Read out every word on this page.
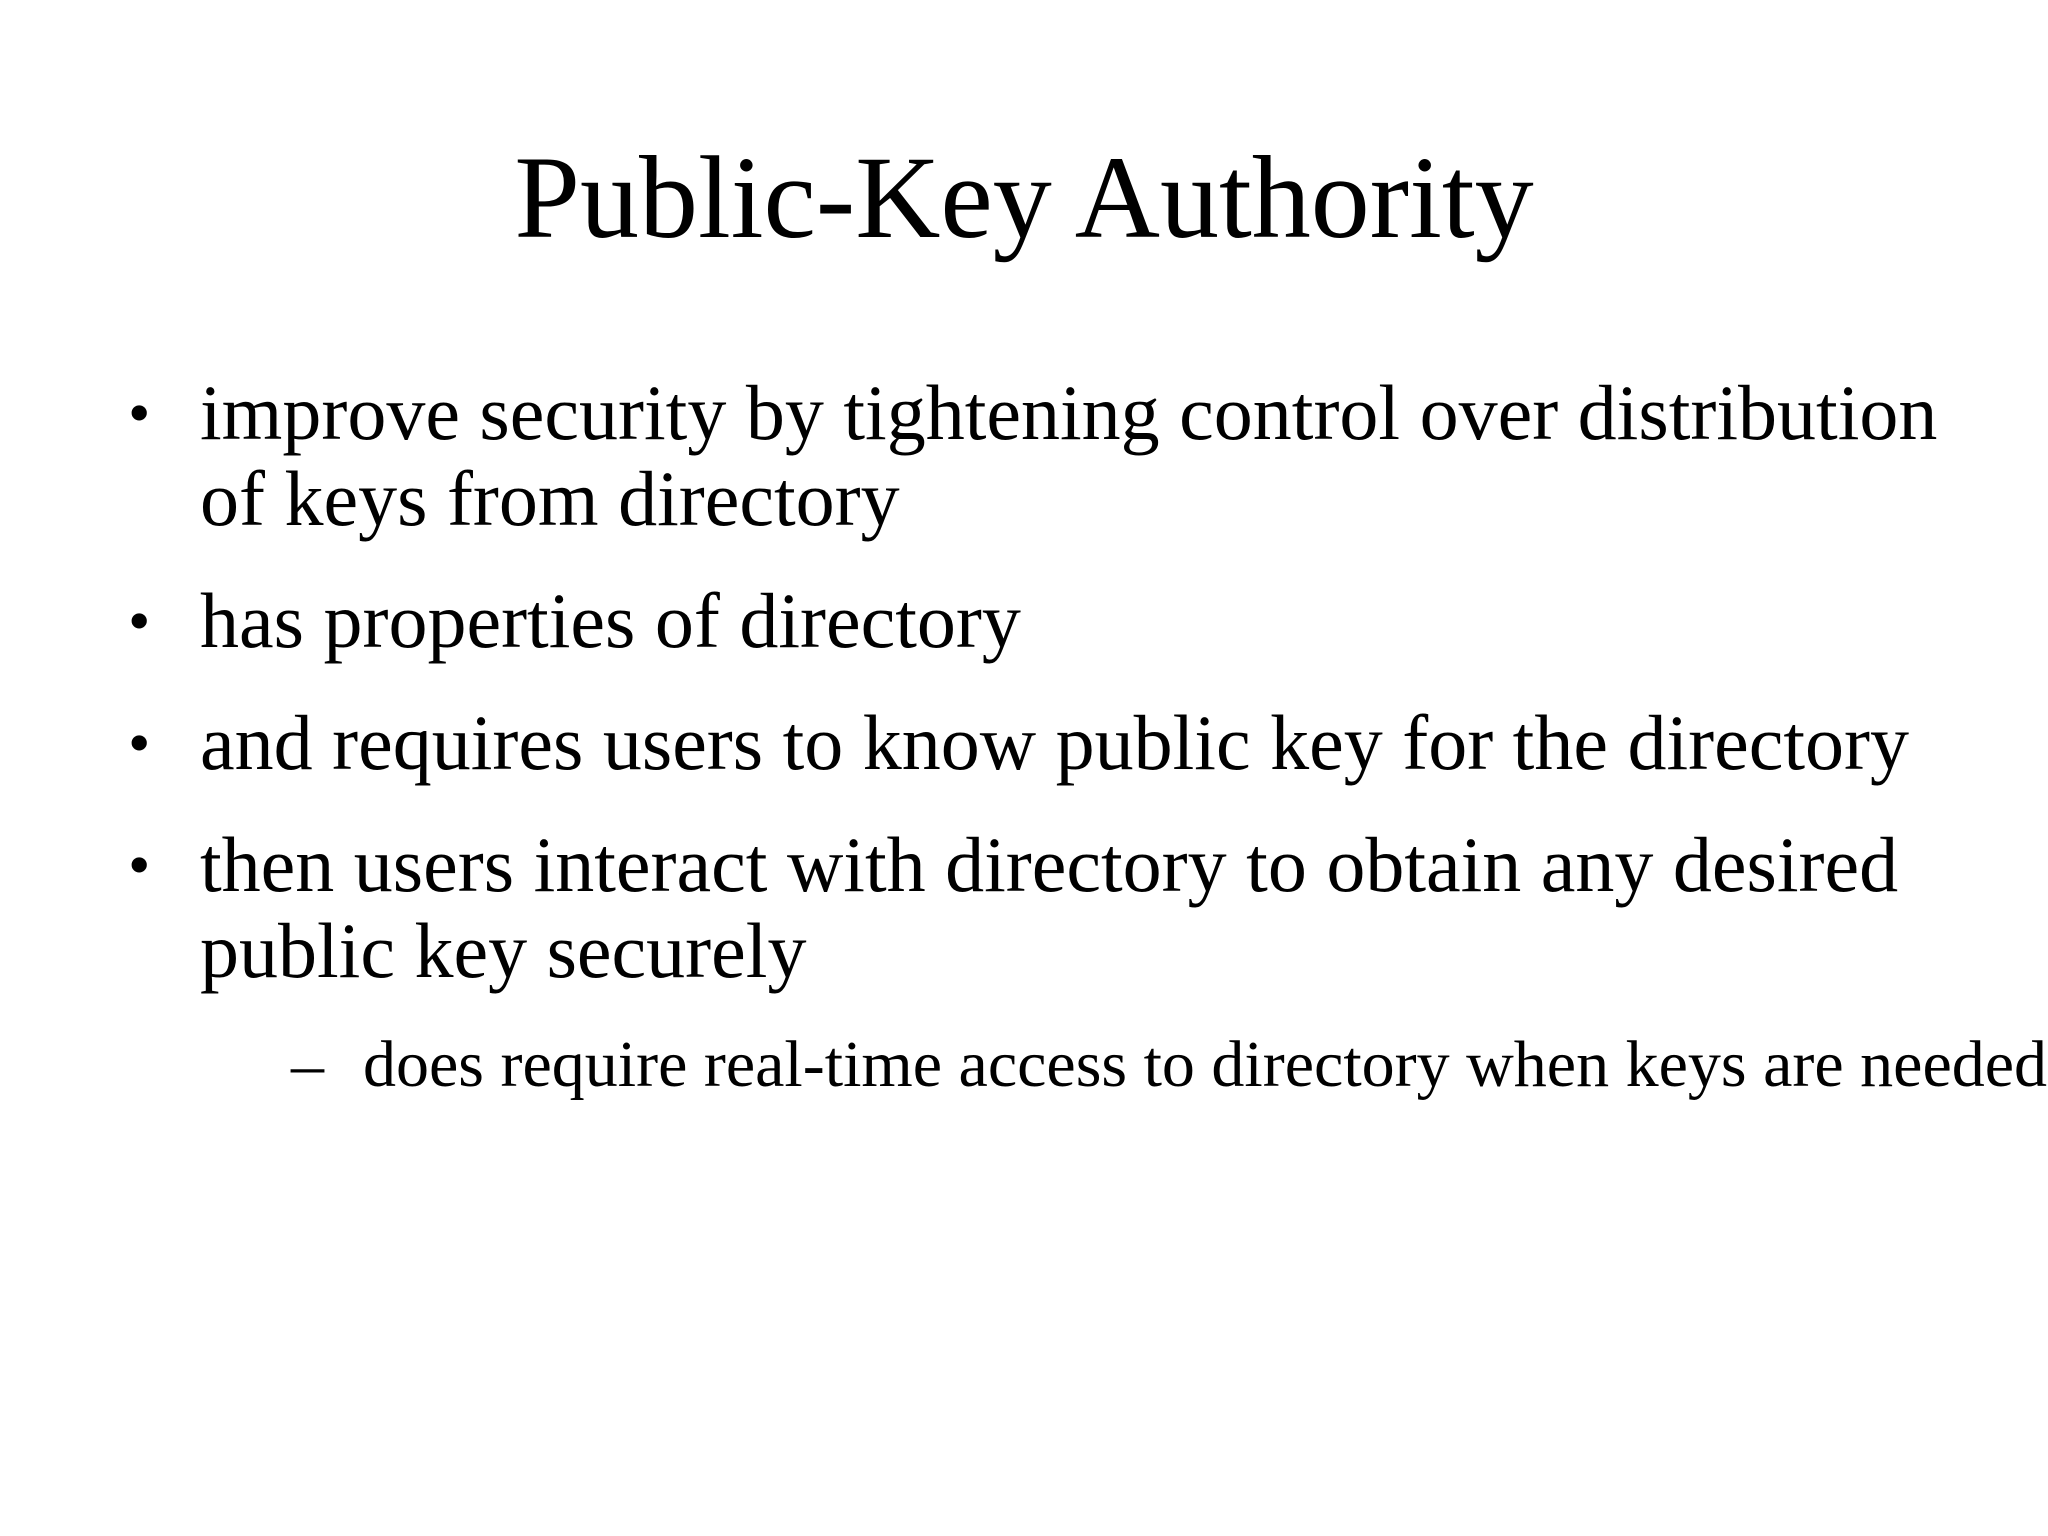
Public-Key Authority
• improve security by tightening control over distribution of keys from directory
• has properties of directory
• and requires users to know public key for the directory
• then users interact with directory to obtain any desired public key securely
– does require real-time access to directory when keys are needed
